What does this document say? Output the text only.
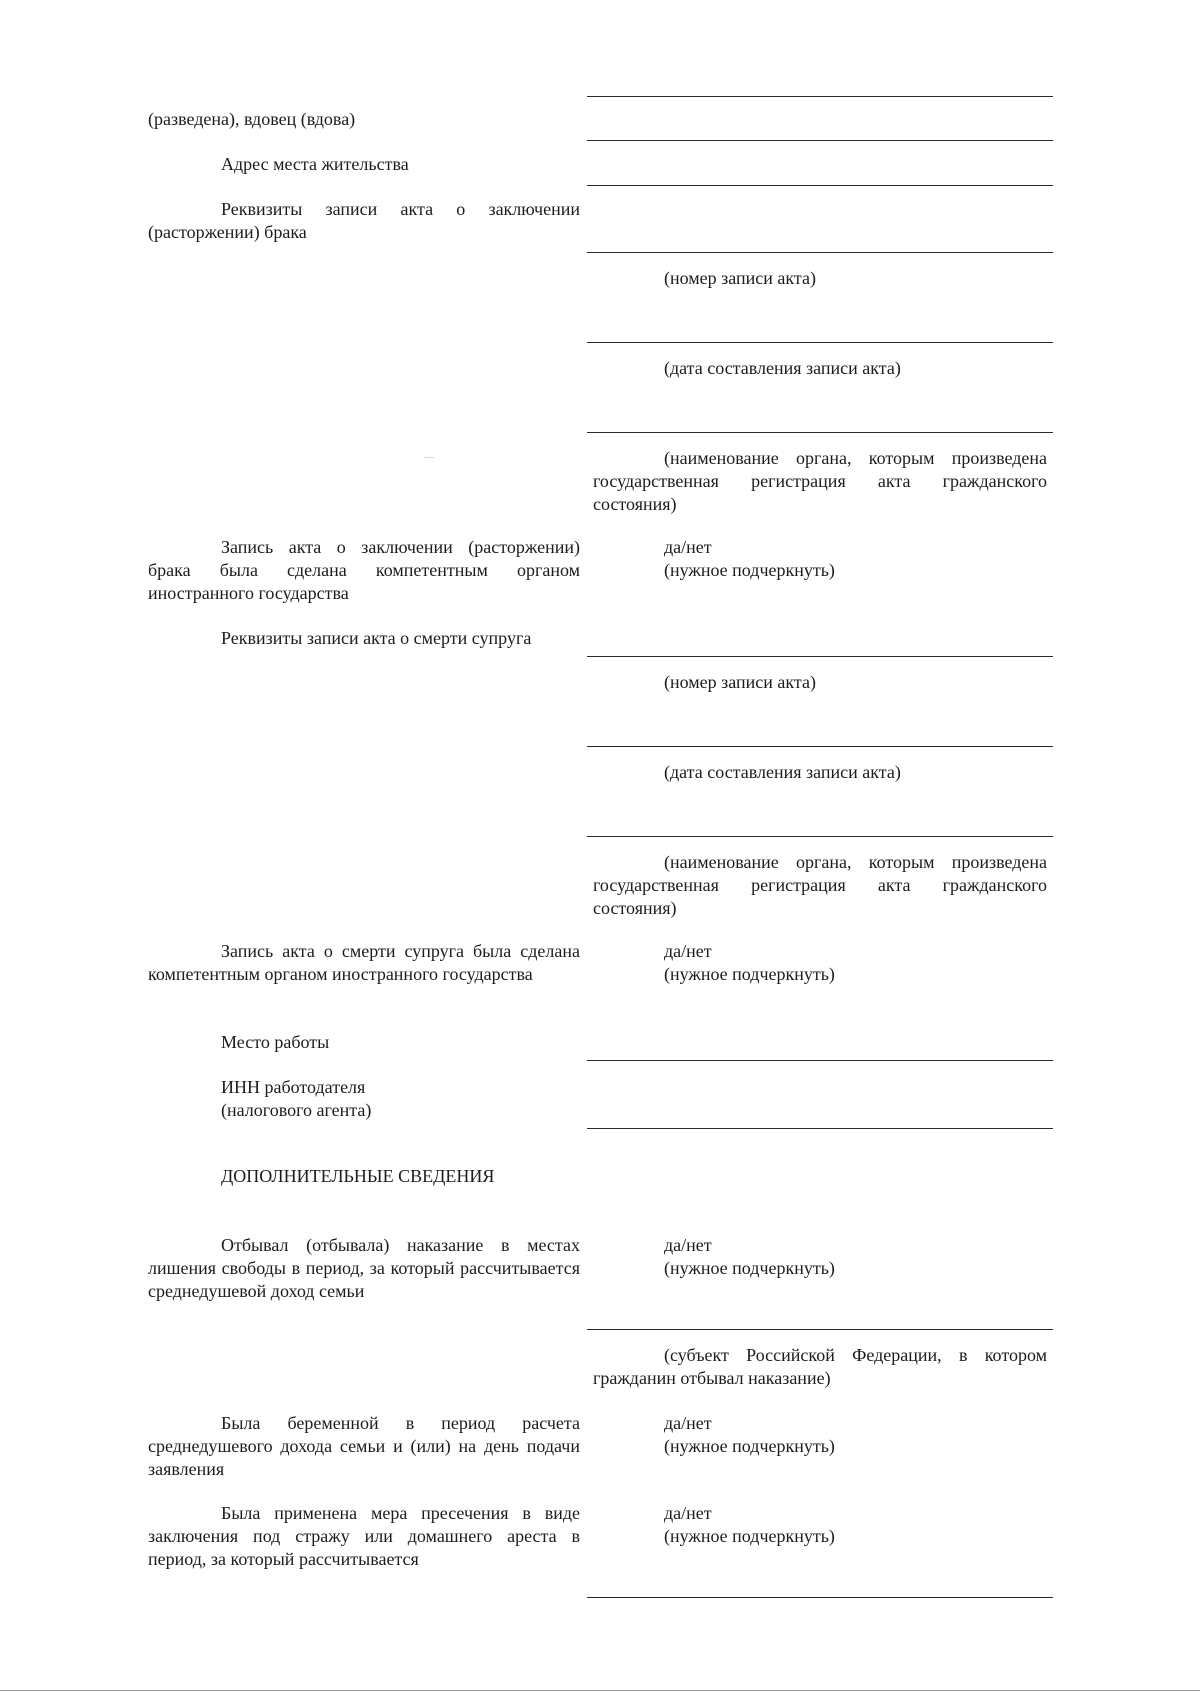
(разведена), вдовец (вдова)
Адрес места жительства
Реквизиты записи акта о заключении (расторжении) брака
Запись акта о заключении (расторжении) брака была сделана компетентным органом иностранного государства
Реквизиты записи акта о смерти супруга
Запись акта о смерти супруга была сделана компетентным органом иностранного государства
Место работы
ИНН работодателя
(налогового агента)
ДОПОЛНИТЕЛЬНЫЕ СВЕДЕНИЯ
Отбывал (отбывала) наказание в местах лишения свободы в период, за который рассчитывается среднедушевой доход семьи
Была беременной в период расчета среднедушевого дохода семьи и (или) на день подачи заявления
Была применена мера пресечения в виде заключения под стражу или домашнего ареста в период, за который рассчитывается
(номер записи акта)
(дата составления записи акта)
(наименование органа, которым произведена государственная регистрация акта гражданского состояния)
да/нет
(нужное подчеркнуть)
(номер записи акта)
(дата составления записи акта)
(наименование органа, которым произведена государственная регистрация акта гражданского состояния)
да/нет
(нужное подчеркнуть)
да/нет
(нужное подчеркнуть)
(субъект Российской Федерации, в котором гражданин отбывал наказание)
да/нет
(нужное подчеркнуть)
да/нет
(нужное подчеркнуть)
